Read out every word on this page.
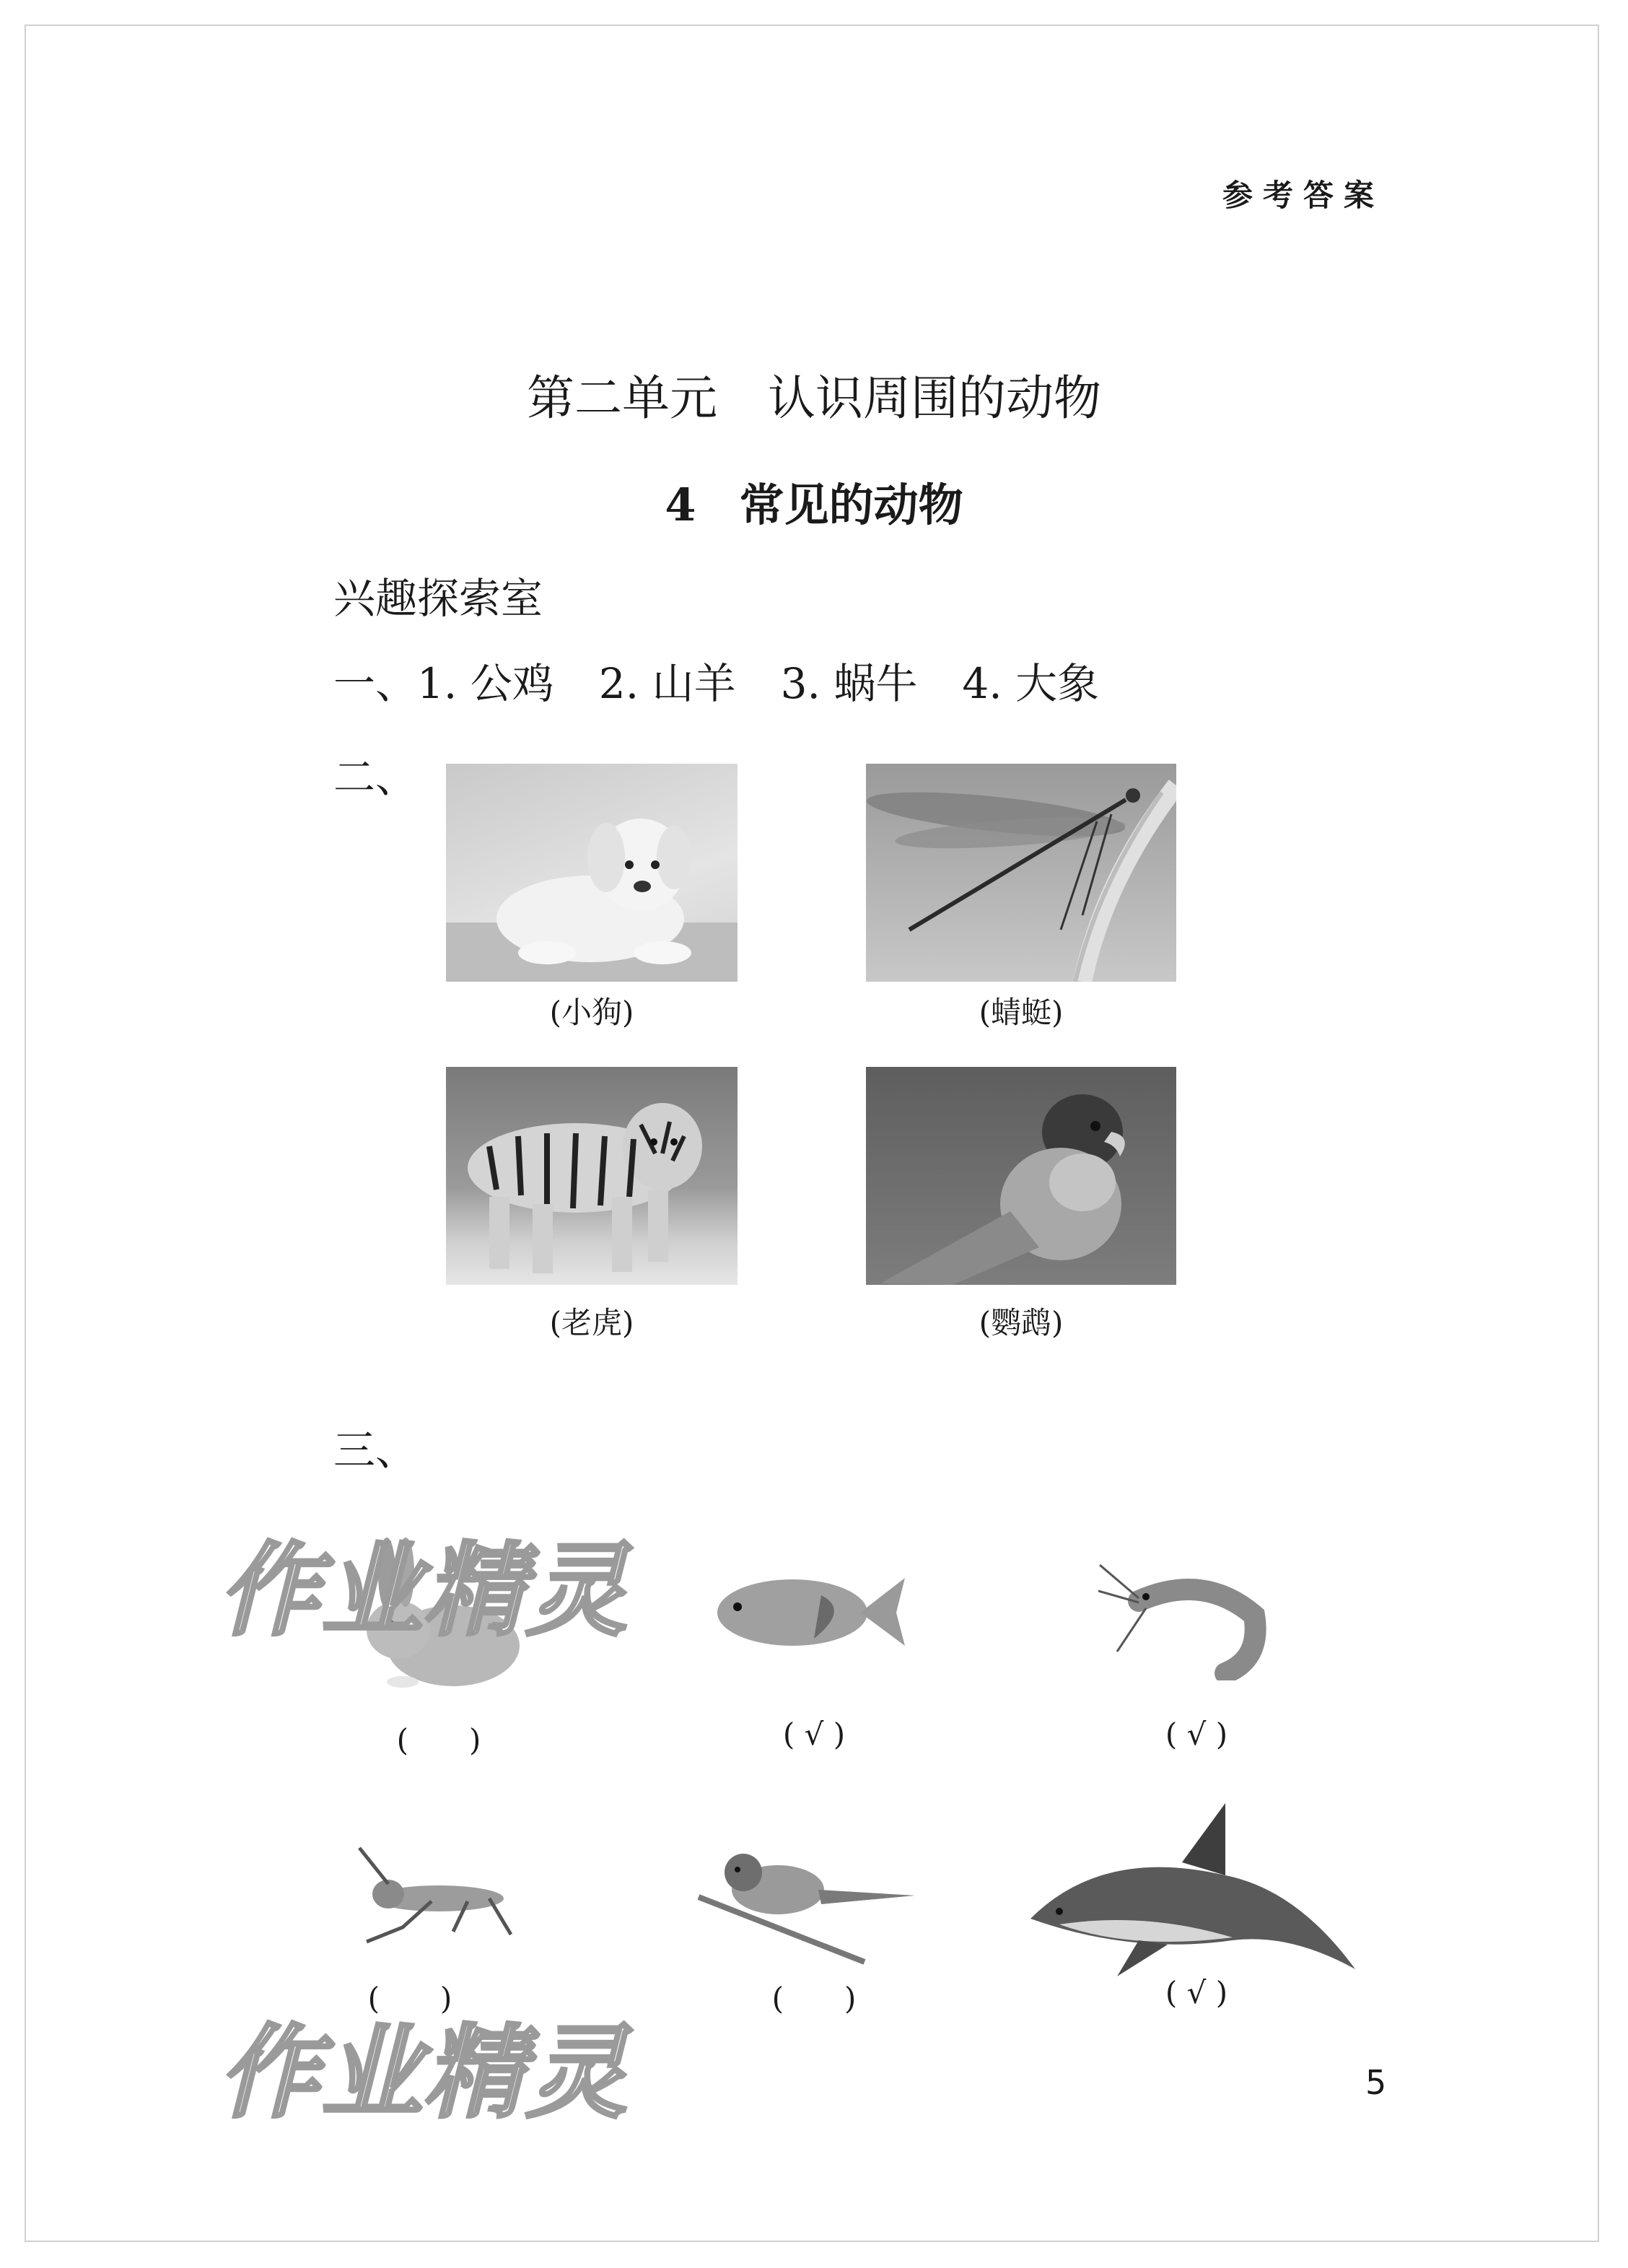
参考答案
第二单元 认识周围的动物
4 常见的动物
兴趣探索室
一、1. 公鸡 2. 山羊 3. 蜗牛 4. 大象
二、
(小狗)	(蜻蜓)
(老虎)	(鹦鹉)
三、
(　　)	( √ )	( √ )
(　　)	(　　)	( √ )
作业精灵
作业精灵	5
